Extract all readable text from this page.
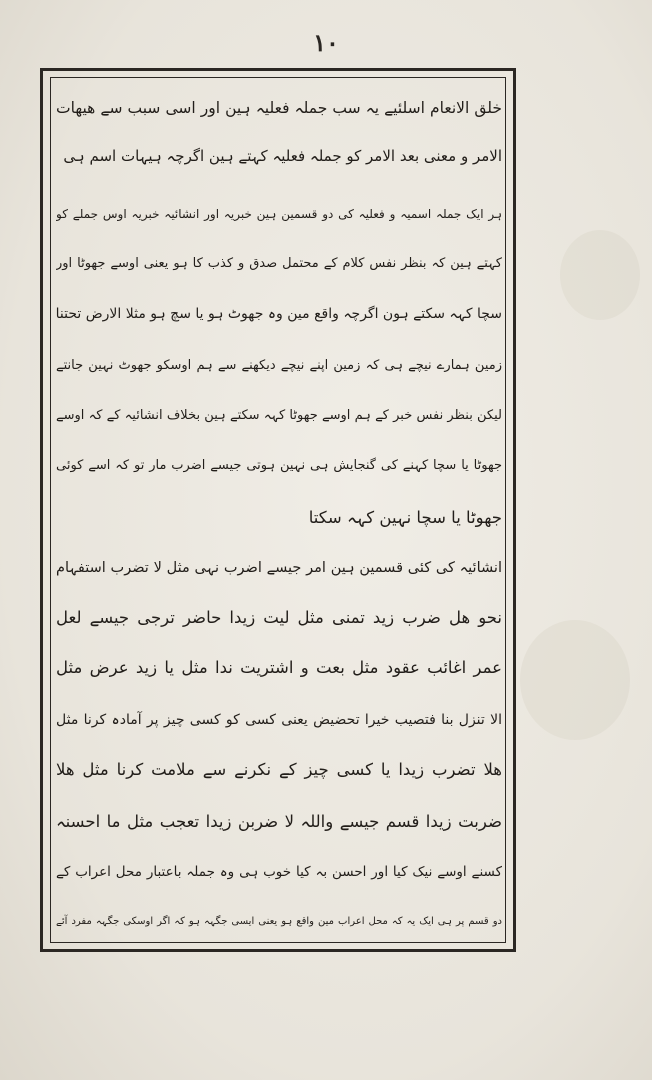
۱۰
خلق الانعام اسلئیے یہ سب جملہ فعلیہ ہین اور اسی سبب سے ھیھات
الامر و معنی بعد الامر کو جملہ فعلیہ کہتے ہین اگرچہ ہیہات اسم ہی
ہر ایک جملہ اسمیہ و فعلیہ کی دو قسمین ہین خبریہ اور انشائیہ خبریہ اوس جملے کو
کہتے ہین کہ بنظر نفس کلام کے محتمل صدق و کذب کا ہو یعنی اوسے جھوٹا اور
سچا کہہ سکتے ہون اگرچہ واقع مین وہ جھوٹ ہو یا سچ ہو مثلا الارض تحتنا
زمین ہمارے نیچے ہی کہ زمین اپنے نیچے دیکھنے سے ہم اوسکو جھوٹ نہین جانتے
لیکن بنظر نفس خبر کے ہم اوسے جھوٹا کہہ سکتے ہین بخلاف انشائیہ کے کہ اوسے
جھوٹا یا سچا کہنے کی گنجایش ہی نہین ہوتی جیسے اضرب مار تو کہ اسے کوئی
جھوٹا یا سچا نہین کہہ سکتا
انشائیہ کی کئی قسمین ہین امر جیسے اضرب نہی مثل لا تضرب استفہام
نحو ھل ضرب زید تمنی مثل لیت زیدا حاضر ترجی جیسے لعل
عمر اغائب عقود مثل بعت و اشتریت ندا مثل یا زید عرض مثل
الا تنزل بنا فتصیب خیرا تحضیض یعنی کسی کو کسی چیز پر آمادہ کرنا مثل
ھلا تضرب زیدا یا کسی چیز کے نکرنے سے ملامت کرنا مثل ھلا
ضربت زیدا قسم جیسے واللہ لا ضربن زیدا تعجب مثل ما احسنہ
کسنے اوسے نیک کیا اور احسن بہ کیا خوب ہی وہ جملہ باعتبار محل اعراب کے
دو قسم پر ہی ایک یہ کہ محل اعراب مین واقع ہو یعنی ایسی جگہہ ہو کہ اگر اوسکی جگہہ مفرد آئے
